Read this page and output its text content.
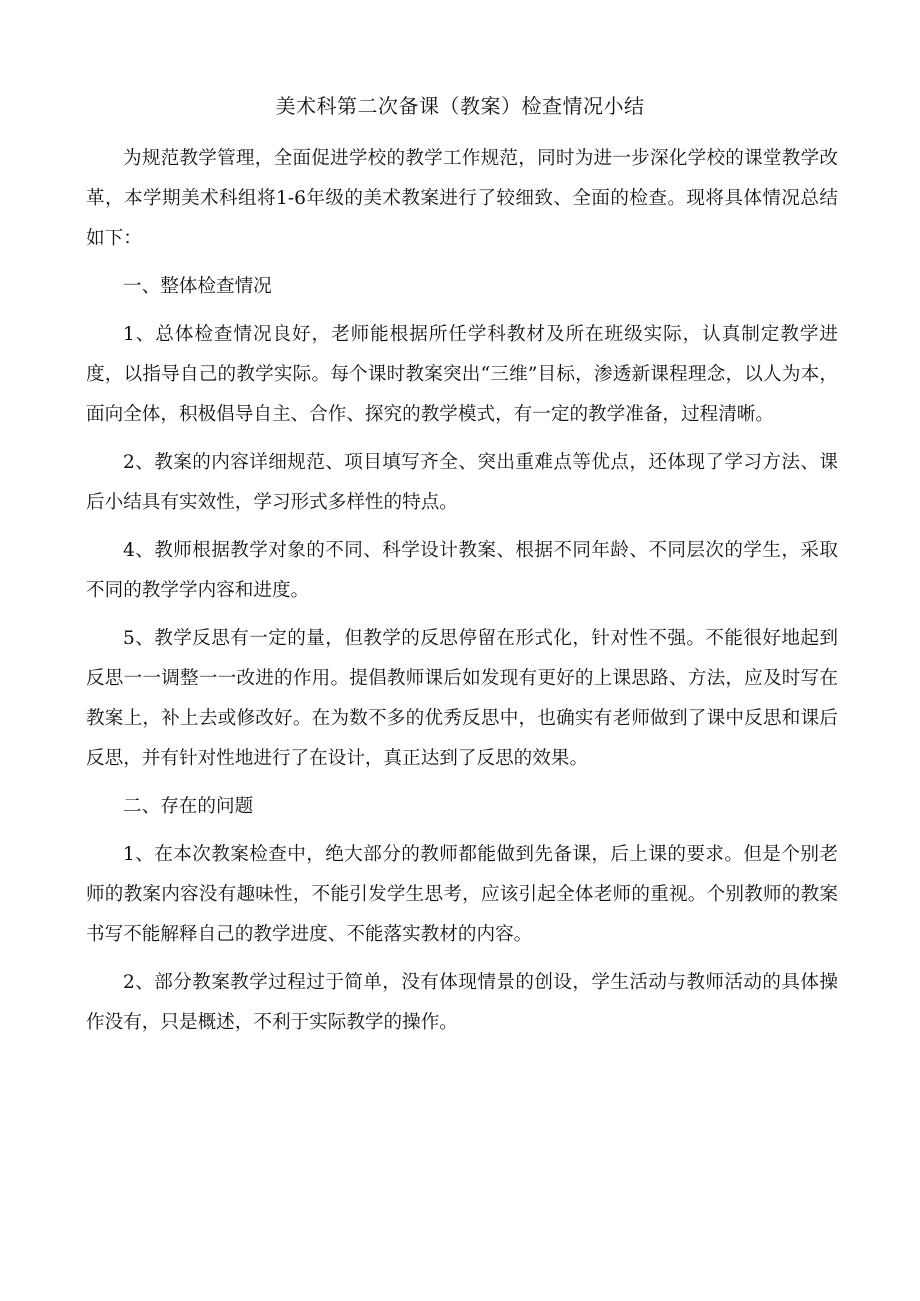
美术科第二次备课（教案）检查情况小结

为规范教学管理，全面促进学校的教学工作规范，同时为进一步深化学校的课堂教学改革，本学期美术科组将1-6年级的美术教案进行了较细致、全面的检查。现将具体情况总结如下：

一、整体检查情况

1、总体检查情况良好，老师能根据所任学科教材及所在班级实际，认真制定教学进度，以指导自己的教学实际。每个课时教案突出“三维”目标，渗透新课程理念，以人为本，面向全体，积极倡导自主、合作、探究的教学模式，有一定的教学准备，过程清晰。

2、教案的内容详细规范、项目填写齐全、突出重难点等优点，还体现了学习方法、课后小结具有实效性，学习形式多样性的特点。

4、教师根据教学对象的不同、科学设计教案、根据不同年龄、不同层次的学生，采取不同的教学学内容和进度。

5、教学反思有一定的量，但教学的反思停留在形式化，针对性不强。不能很好地起到反思一一调整一一改进的作用。提倡教师课后如发现有更好的上课思路、方法，应及时写在教案上，补上去或修改好。在为数不多的优秀反思中，也确实有老师做到了课中反思和课后反思，并有针对性地进行了在设计，真正达到了反思的效果。

二、存在的问题

1、在本次教案检查中，绝大部分的教师都能做到先备课，后上课的要求。但是个别老师的教案内容没有趣味性，不能引发学生思考，应该引起全体老师的重视。个别教师的教案书写不能解释自己的教学进度、不能落实教材的内容。

2、部分教案教学过程过于简单，没有体现情景的创设，学生活动与教师活动的具体操作没有，只是概述，不利于实际教学的操作。
